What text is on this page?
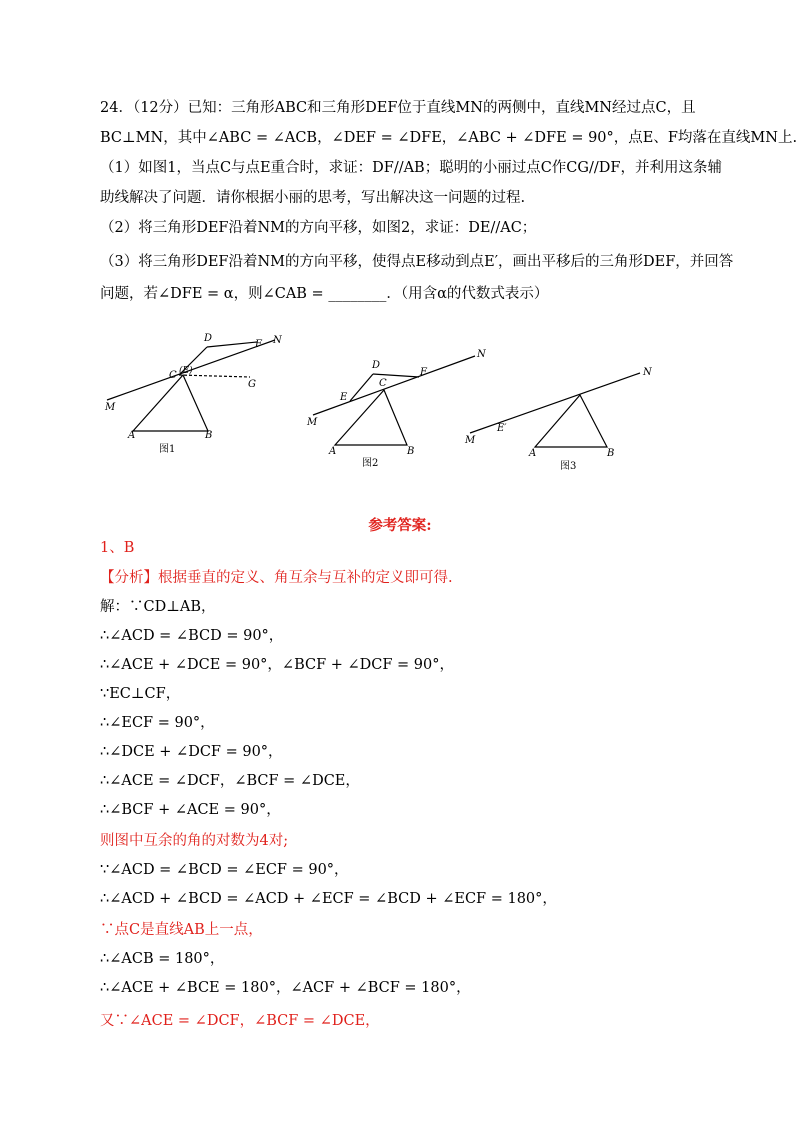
24．（12分）已知：三角形ABC和三角形DEF位于直线MN的两侧中，直线MN经过点C，且
BC⊥MN，其中∠ABC = ∠ACB，∠DEF = ∠DFE，∠ABC + ∠DFE = 90°，点E、F均落在直线MN上.
（1）如图1，当点C与点E重合时，求证：DF//AB；聪明的小丽过点C作CG//DF，并利用这条辅
助线解决了问题．请你根据小丽的思考，写出解决这一问题的过程.
（2）将三角形DEF沿着NM的方向平移，如图2，求证：DE//AC；
（3）将三角形DEF沿着NM的方向平移，使得点E移动到点E′，画出平移后的三角形DEF，并回答
问题，若∠DFE = α，则∠CAB = ________．（用含α的代数式表示）
D
F N
C (E)
G
M
A	B
图1
D
C
F
N
E
M
A	B
图2
N
E′
M
A	B
图3
参考答案:
1、B
【分析】根据垂直的定义、角互余与互补的定义即可得.
解：∵CD⊥AB，
∴∠ACD = ∠BCD = 90°，
∴∠ACE + ∠DCE = 90°，∠BCF + ∠DCF = 90°，
∵EC⊥CF，
∴∠ECF = 90°，
∴∠DCE + ∠DCF = 90°，
∴∠ACE = ∠DCF，∠BCF = ∠DCE，
∴∠BCF + ∠ACE = 90°，
则图中互余的角的对数为4对;
∵∠ACD = ∠BCD = ∠ECF = 90°，
∴∠ACD + ∠BCD = ∠ACD + ∠ECF = ∠BCD + ∠ECF = 180°，
∵点C是直线AB上一点，
∴∠ACB = 180°，
∴∠ACE + ∠BCE = 180°，∠ACF + ∠BCF = 180°，
又∵∠ACE = ∠DCF，∠BCF = ∠DCE，
